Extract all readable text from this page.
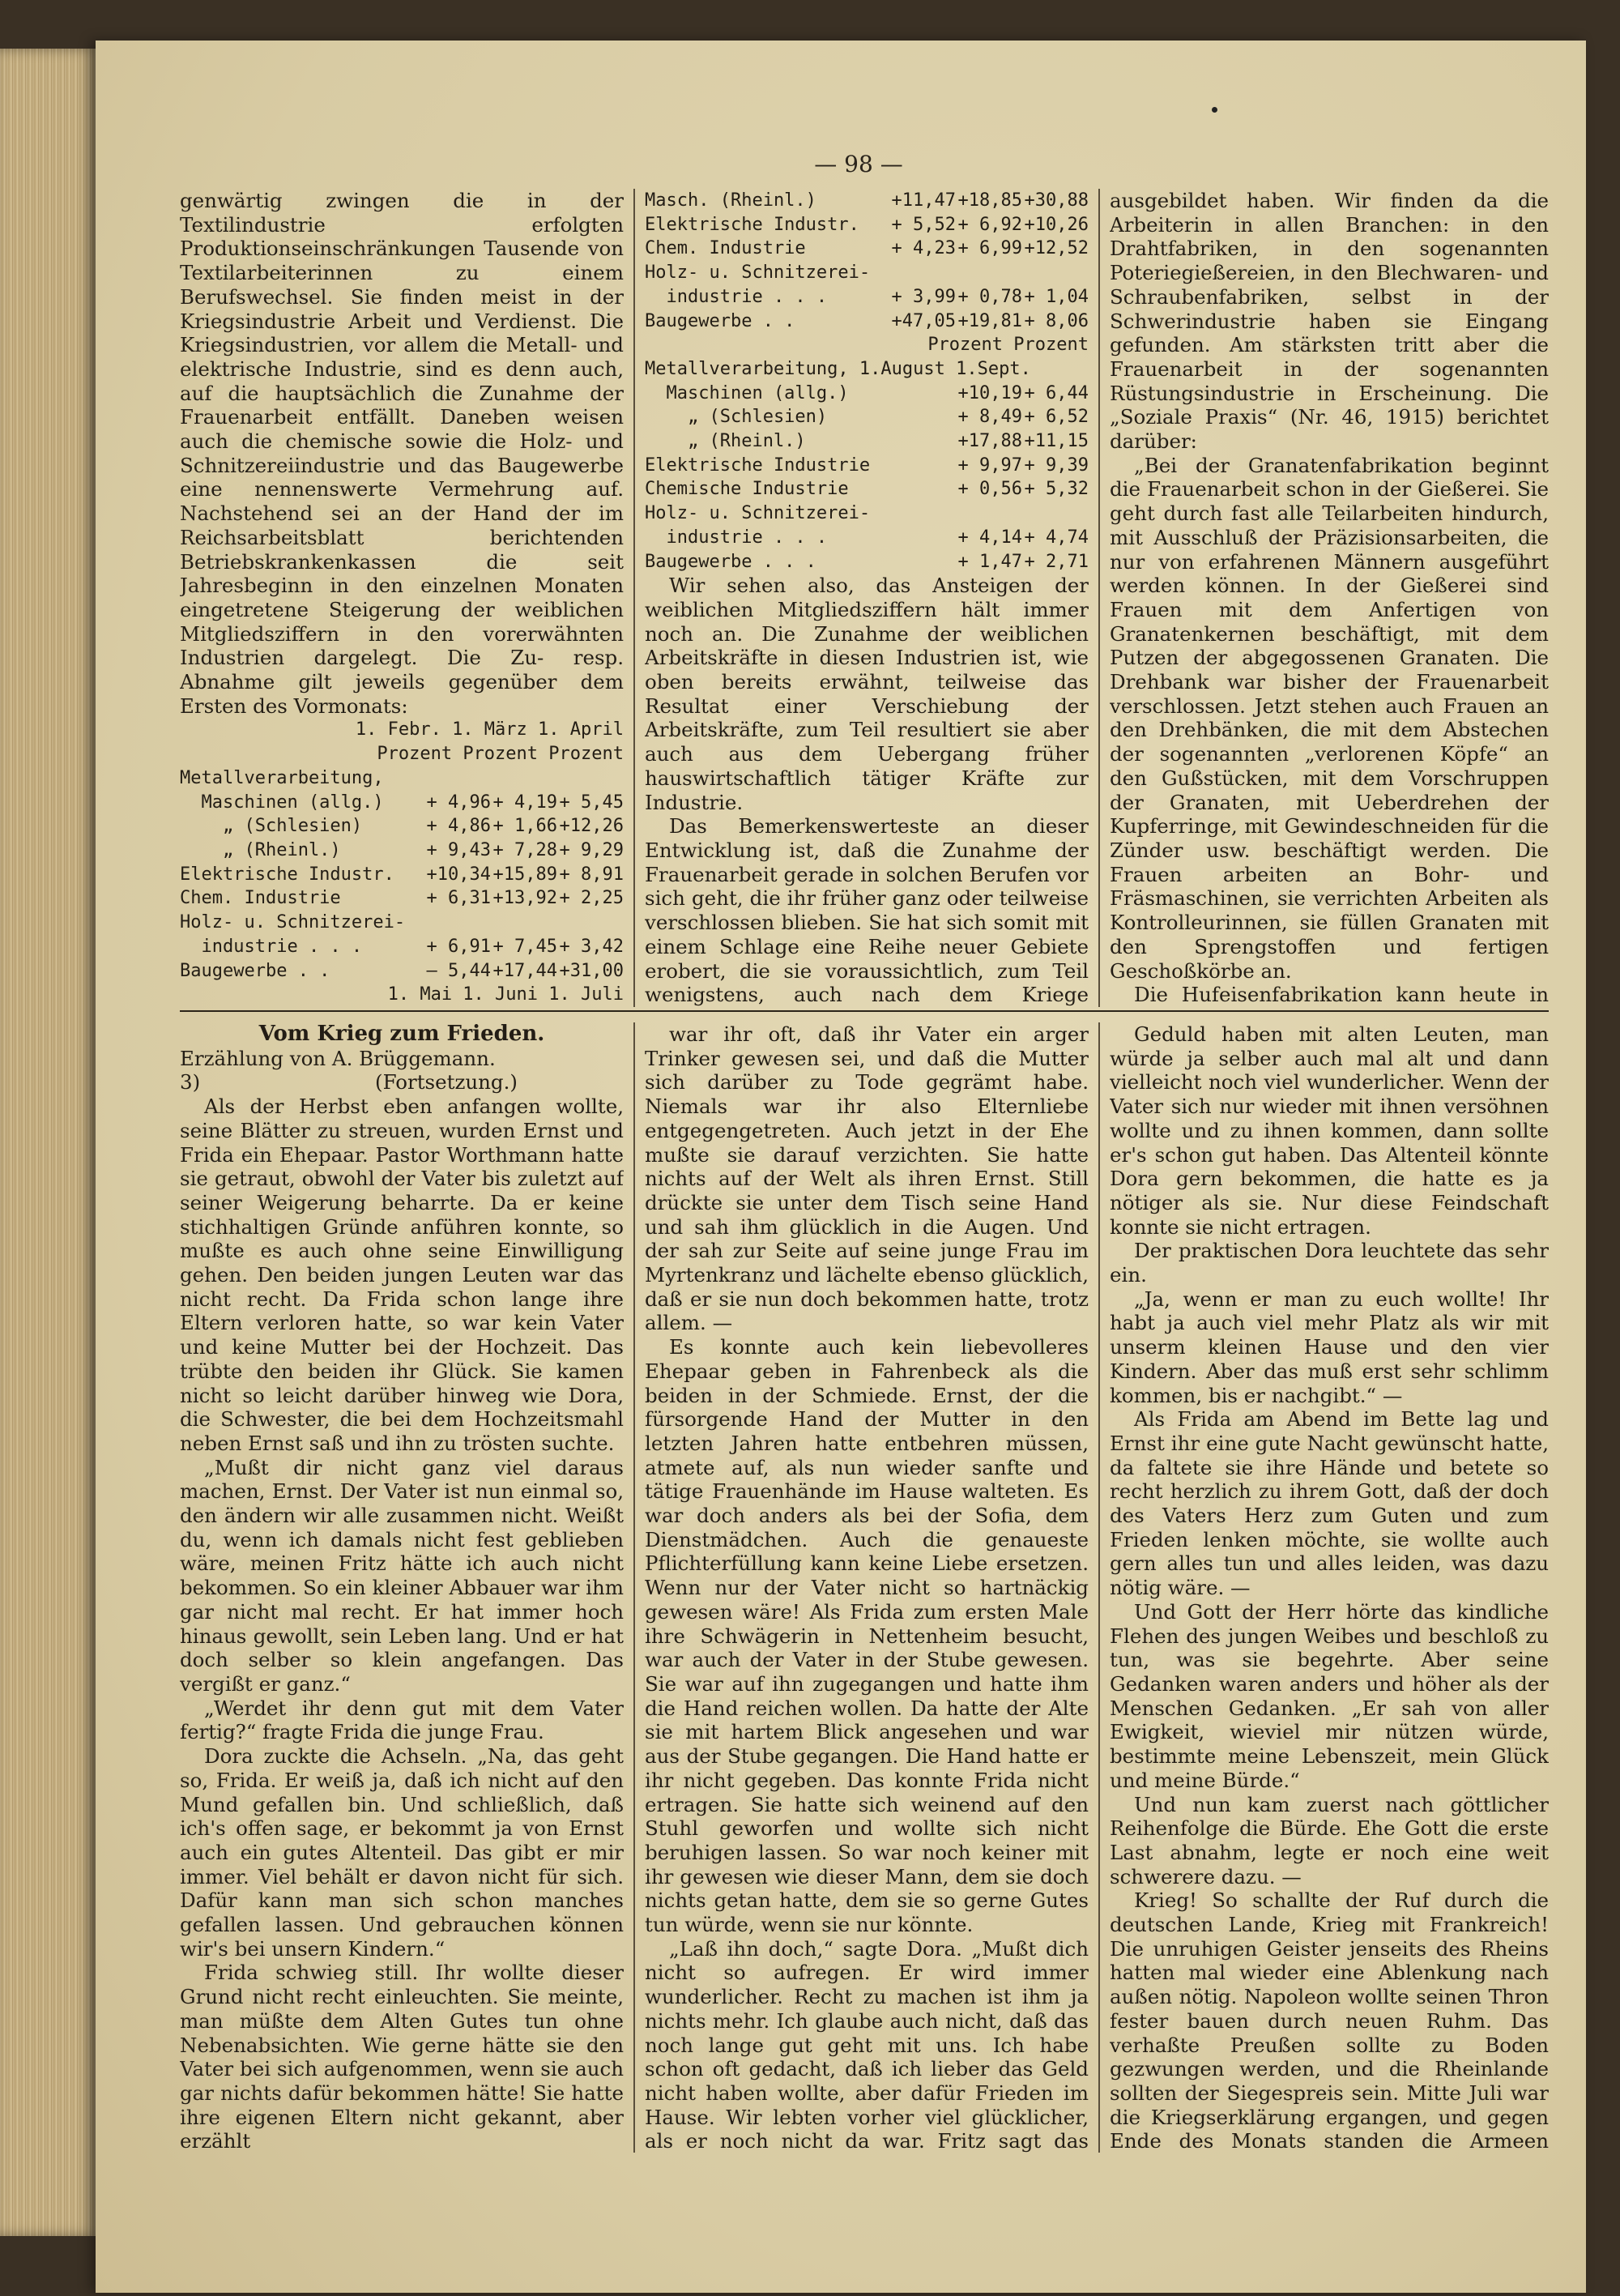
— 98 —

genwärtig zwingen die in der Textilindustrie erfolgten Produktionseinschränkungen Tausende von Textilarbeiterinnen zu einem Berufswechsel. Sie finden meist in der Kriegsindustrie Arbeit und Verdienst. Die Kriegsindustrien, vor allem die Metall- und elektrische Industrie, sind es denn auch, auf die hauptsächlich die Zunahme der Frauenarbeit entfällt. Daneben weisen auch die chemische sowie die Holz- und Schnitzereiindustrie und das Baugewerbe eine nennenswerte Vermehrung auf. Nachstehend sei an der Hand der im Reichsarbeitsblatt berichtenden Betriebskrankenkassen die seit Jahresbeginn in den einzelnen Monaten eingetretene Steigerung der weiblichen Mitgliedsziffern in den vorerwähnten Industrien dargelegt. Die Zu- resp. Abnahme gilt jeweils gegenüber dem Ersten des Vormonats:

1. Febr. 1. März 1. April
Prozent Prozent Prozent
Metallverarbeitung,
Maschinen (allg.)	+ 4,96 + 4,19 + 5,45
„ (Schlesien)	+ 4,86 + 1,66 +12,26
„ (Rheinl.)	+ 9,43 + 7,28 + 9,29
Elektrische Industr.	+10,34 +15,89 + 8,91
Chem. Industrie	+ 6,31 +13,92 + 2,25
Holz- u. Schnitzerei-
industrie . . .	+ 6,91 + 7,45 + 3,42
Baugewerbe . .	— 5,44 +17,44 +31,00
1. Mai 1. Juni 1. Juli
Masch. (Rheinl.)	+11,47 +18,85 +30,88
Elektrische Industr.	+ 5,52 + 6,92 +10,26
Chem. Industrie	+ 4,23 + 6,99 +12,52
Holz- u. Schnitzerei-
industrie . . .	+ 3,99 + 0,78 + 1,04
Baugewerbe . .	+47,05 +19,81 + 8,06
Prozent Prozent
Metallverarbeitung, 1.August 1.Sept.
Maschinen (allg.)	+10,19 + 6,44
„ (Schlesien)	+ 8,49 + 6,52
„ (Rheinl.)	+17,88 +11,15
Elektrische Industrie	+ 9,97 + 9,39
Chemische Industrie	+ 0,56 + 5,32
Holz- u. Schnitzerei-
industrie . . .	+ 4,14 + 4,74
Baugewerbe . . .	+ 1,47 + 2,71

Wir sehen also, das Ansteigen der weiblichen Mitgliedsziffern hält immer noch an. Die Zunahme der weiblichen Arbeitskräfte in diesen Industrien ist, wie oben bereits erwähnt, teilweise das Resultat einer Verschiebung der Arbeitskräfte, zum Teil resultiert sie aber auch aus dem Uebergang früher hauswirtschaftlich tätiger Kräfte zur Industrie.

Das Bemerkenswerteste an dieser Entwicklung ist, daß die Zunahme der Frauenarbeit gerade in solchen Berufen vor sich geht, die ihr früher ganz oder teilweise verschlossen blieben. Sie hat sich somit mit einem Schlage eine Reihe neuer Gebiete erobert, die sie voraussichtlich, zum Teil wenigstens, auch nach dem Kriege

ausgebildet haben. Wir finden da die Arbeiterin in allen Branchen: in den Drahtfabriken, in den sogenannten Poteriegießereien, in den Blechwaren- und Schraubenfabriken, selbst in der Schwerindustrie haben sie Eingang gefunden. Am stärksten tritt aber die Frauenarbeit in der sogenannten Rüstungsindustrie in Erscheinung. Die „Soziale Praxis“ (Nr. 46, 1915) berichtet darüber:

„Bei der Granatenfabrikation beginnt die Frauenarbeit schon in der Gießerei. Sie geht durch fast alle Teilarbeiten hindurch, mit Ausschluß der Präzisionsarbeiten, die nur von erfahrenen Männern ausgeführt werden können. In der Gießerei sind Frauen mit dem Anfertigen von Granatenkernen beschäftigt, mit dem Putzen der abgegossenen Granaten. Die Drehbank war bisher der Frauenarbeit verschlossen. Jetzt stehen auch Frauen an den Drehbänken, die mit dem Abstechen der sogenannten „verlorenen Köpfe“ an den Gußstücken, mit dem Vorschruppen der Granaten, mit Ueberdrehen der Kupferringe, mit Gewindeschneiden für die Zünder usw. beschäftigt werden. Die Frauen arbeiten an Bohr- und Fräsmaschinen, sie verrichten Arbeiten als Kontrolleurinnen, sie füllen Granaten mit den Sprengstoffen und fertigen Geschoßkörbe an.

Die Hufeisenfabrikation kann heute in

Vom Krieg zum Frieden.
Erzählung von A. Brüggemann.
3)	(Fortsetzung.)

Als der Herbst eben anfangen wollte, seine Blätter zu streuen, wurden Ernst und Frida ein Ehepaar. Pastor Worthmann hatte sie getraut, obwohl der Vater bis zuletzt auf seiner Weigerung beharrte. Da er keine stichhaltigen Gründe anführen konnte, so mußte es auch ohne seine Einwilligung gehen. Den beiden jungen Leuten war das nicht recht. Da Frida schon lange ihre Eltern verloren hatte, so war kein Vater und keine Mutter bei der Hochzeit. Das trübte den beiden ihr Glück. Sie kamen nicht so leicht darüber hinweg wie Dora, die Schwester, die bei dem Hochzeitsmahl neben Ernst saß und ihn zu trösten suchte.

„Mußt dir nicht ganz viel daraus machen, Ernst. Der Vater ist nun einmal so, den ändern wir alle zusammen nicht. Weißt du, wenn ich damals nicht fest geblieben wäre, meinen Fritz hätte ich auch nicht bekommen. So ein kleiner Abbauer war ihm gar nicht mal recht. Er hat immer hoch hinaus gewollt, sein Leben lang. Und er hat doch selber so klein angefangen. Das vergißt er ganz.“

„Werdet ihr denn gut mit dem Vater fertig?“ fragte Frida die junge Frau.

Dora zuckte die Achseln. „Na, das geht so, Frida. Er weiß ja, daß ich nicht auf den Mund gefallen bin. Und schließlich, daß ich's offen sage, er bekommt ja von Ernst auch ein gutes Altenteil. Das gibt er mir immer. Viel behält er davon nicht für sich. Dafür kann man sich schon manches gefallen lassen. Und gebrauchen können wir's bei unsern Kindern.“

Frida schwieg still. Ihr wollte dieser Grund nicht recht einleuchten. Sie meinte, man müßte dem Alten Gutes tun ohne Nebenabsichten. Wie gerne hätte sie den Vater bei sich aufgenommen, wenn sie auch gar nichts dafür bekommen hätte! Sie hatte ihre eigenen Eltern nicht gekannt, aber erzählt

war ihr oft, daß ihr Vater ein arger Trinker gewesen sei, und daß die Mutter sich darüber zu Tode gegrämt habe. Niemals war ihr also Elternliebe entgegengetreten. Auch jetzt in der Ehe mußte sie darauf verzichten. Sie hatte nichts auf der Welt als ihren Ernst. Still drückte sie unter dem Tisch seine Hand und sah ihm glücklich in die Augen. Und der sah zur Seite auf seine junge Frau im Myrtenkranz und lächelte ebenso glücklich, daß er sie nun doch bekommen hatte, trotz allem. —

Es konnte auch kein liebevolleres Ehepaar geben in Fahrenbeck als die beiden in der Schmiede. Ernst, der die fürsorgende Hand der Mutter in den letzten Jahren hatte entbehren müssen, atmete auf, als nun wieder sanfte und tätige Frauenhände im Hause walteten. Es war doch anders als bei der Sofia, dem Dienstmädchen. Auch die genaueste Pflichterfüllung kann keine Liebe ersetzen. Wenn nur der Vater nicht so hartnäckig gewesen wäre! Als Frida zum ersten Male ihre Schwägerin in Nettenheim besucht, war auch der Vater in der Stube gewesen. Sie war auf ihn zugegangen und hatte ihm die Hand reichen wollen. Da hatte der Alte sie mit hartem Blick angesehen und war aus der Stube gegangen. Die Hand hatte er ihr nicht gegeben. Das konnte Frida nicht ertragen. Sie hatte sich weinend auf den Stuhl geworfen und wollte sich nicht beruhigen lassen. So war noch keiner mit ihr gewesen wie dieser Mann, dem sie doch nichts getan hatte, dem sie so gerne Gutes tun würde, wenn sie nur könnte.

„Laß ihn doch,“ sagte Dora. „Mußt dich nicht so aufregen. Er wird immer wunderlicher. Recht zu machen ist ihm ja nichts mehr. Ich glaube auch nicht, daß das noch lange gut geht mit uns. Ich habe schon oft gedacht, daß ich lieber das Geld nicht haben wollte, aber dafür Frieden im Hause. Wir lebten vorher viel glücklicher, als er noch nicht da war. Fritz sagt das

Geduld haben mit alten Leuten, man würde ja selber auch mal alt und dann vielleicht noch viel wunderlicher. Wenn der Vater sich nur wieder mit ihnen versöhnen wollte und zu ihnen kommen, dann sollte er's schon gut haben. Das Altenteil könnte Dora gern bekommen, die hatte es ja nötiger als sie. Nur diese Feindschaft konnte sie nicht ertragen.

Der praktischen Dora leuchtete das sehr ein.

„Ja, wenn er man zu euch wollte! Ihr habt ja auch viel mehr Platz als wir mit unserm kleinen Hause und den vier Kindern. Aber das muß erst sehr schlimm kommen, bis er nachgibt.“ —

Als Frida am Abend im Bette lag und Ernst ihr eine gute Nacht gewünscht hatte, da faltete sie ihre Hände und betete so recht herzlich zu ihrem Gott, daß der doch des Vaters Herz zum Guten und zum Frieden lenken möchte, sie wollte auch gern alles tun und alles leiden, was dazu nötig wäre. —

Und Gott der Herr hörte das kindliche Flehen des jungen Weibes und beschloß zu tun, was sie begehrte. Aber seine Gedanken waren anders und höher als der Menschen Gedanken. „Er sah von aller Ewigkeit, wieviel mir nützen würde, bestimmte meine Lebenszeit, mein Glück und meine Bürde.“

Und nun kam zuerst nach göttlicher Reihenfolge die Bürde. Ehe Gott die erste Last abnahm, legte er noch eine weit schwerere dazu. —

Krieg! So schallte der Ruf durch die deutschen Lande, Krieg mit Frankreich! Die unruhigen Geister jenseits des Rheins hatten mal wieder eine Ablenkung nach außen nötig. Napoleon wollte seinen Thron fester bauen durch neuen Ruhm. Das verhaßte Preußen sollte zu Boden gezwungen werden, und die Rheinlande sollten der Siegespreis sein. Mitte Juli war die Kriegserklärung ergangen, und gegen Ende des Monats standen die Armeen
